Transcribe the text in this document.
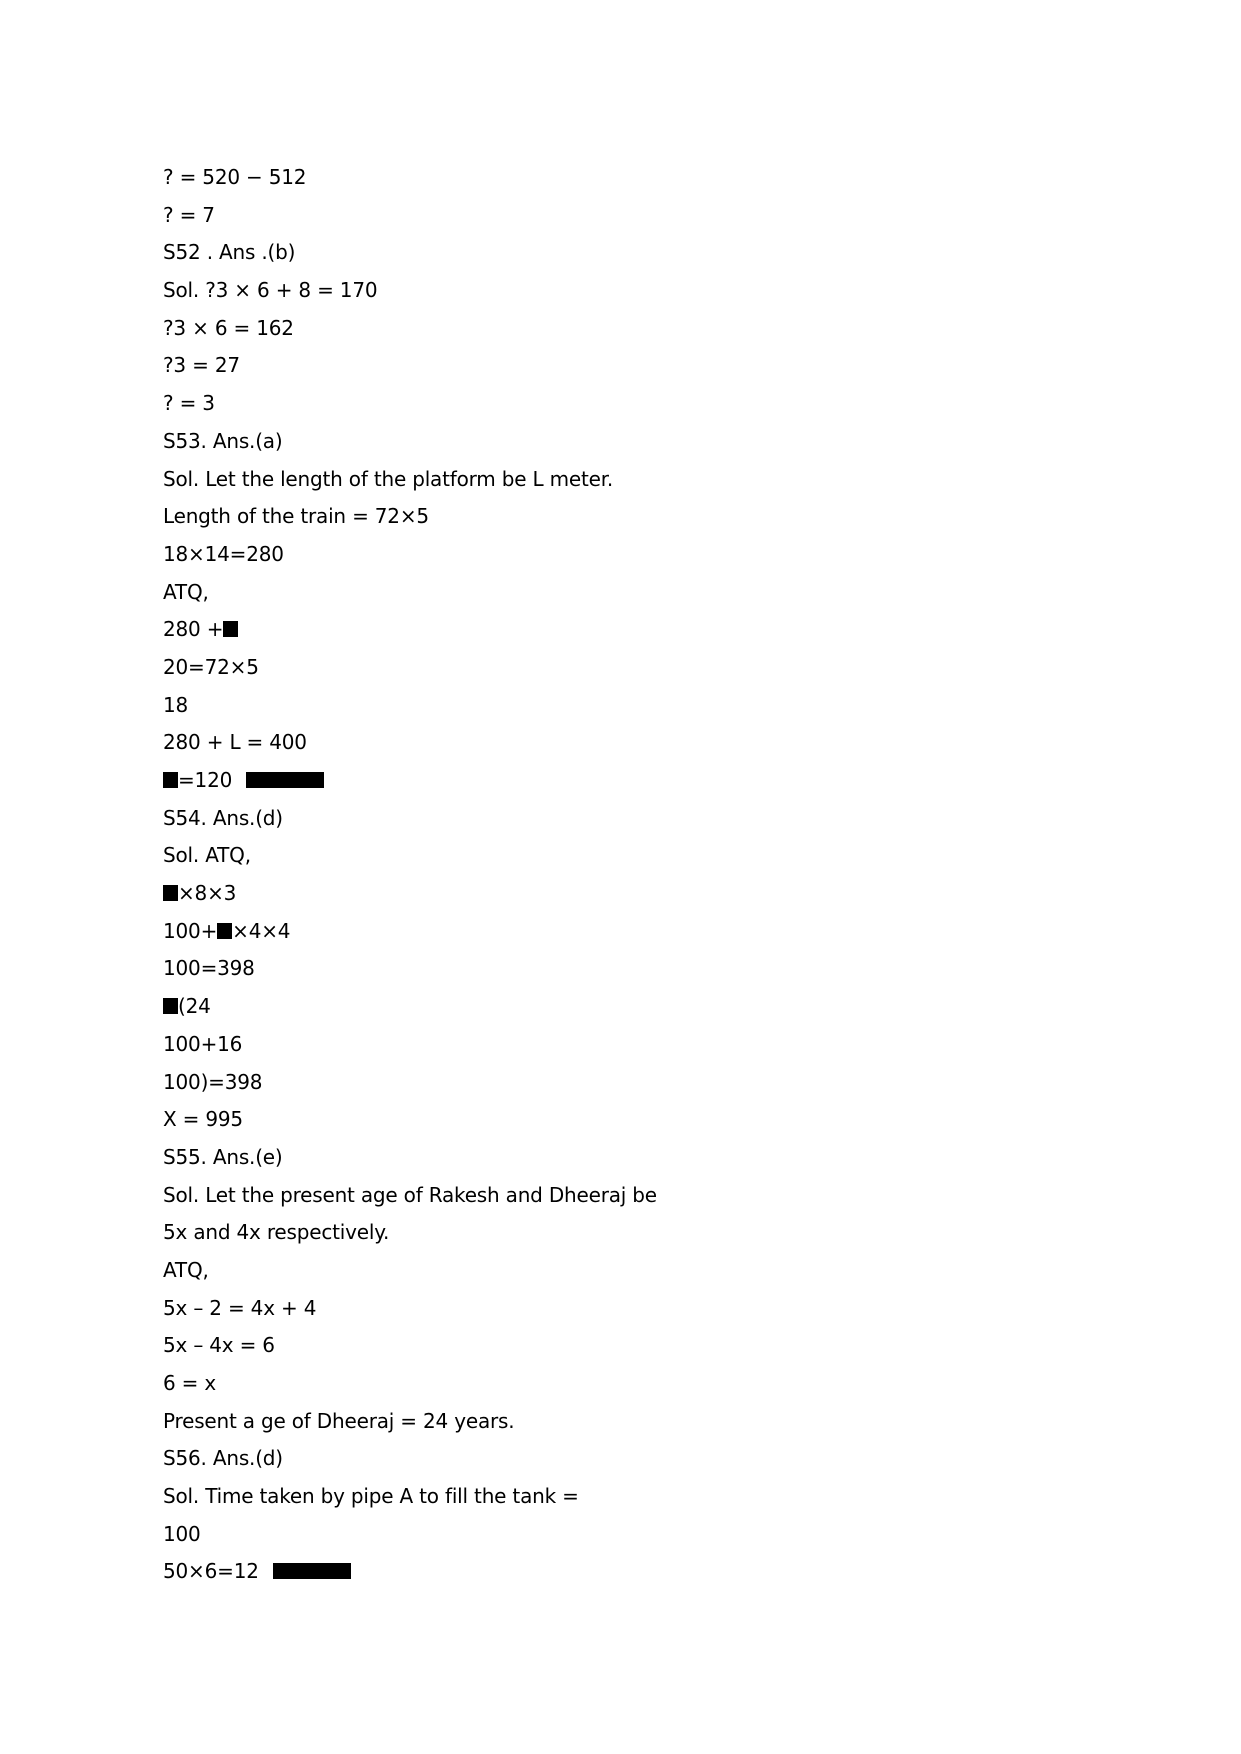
? = 520 − 512
? = 7
S52 . Ans .(b)
Sol. ?3 × 6 + 8 = 170
?3 × 6 = 162
?3 = 27
? = 3
S53. Ans.(a)
Sol. Let the length of the platform be L meter.
Length of the train = 72×5
18×14=280
ATQ,
280 +
20=72×5
18
280 + L = 400
=120
S54. Ans.(d)
Sol. ATQ,
×8×3
100+ ×4×4
100=398
(24
100+16
100)=398
X = 995
S55. Ans.(e)
Sol. Let the present age of Rakesh and Dheeraj be
5x and 4x respectively.
ATQ,
5x – 2 = 4x + 4
5x – 4x = 6
6 = x
Present a ge of Dheeraj = 24 years.
S56. Ans.(d)
Sol. Time taken by pipe A to fill the tank =
100
50×6=12
